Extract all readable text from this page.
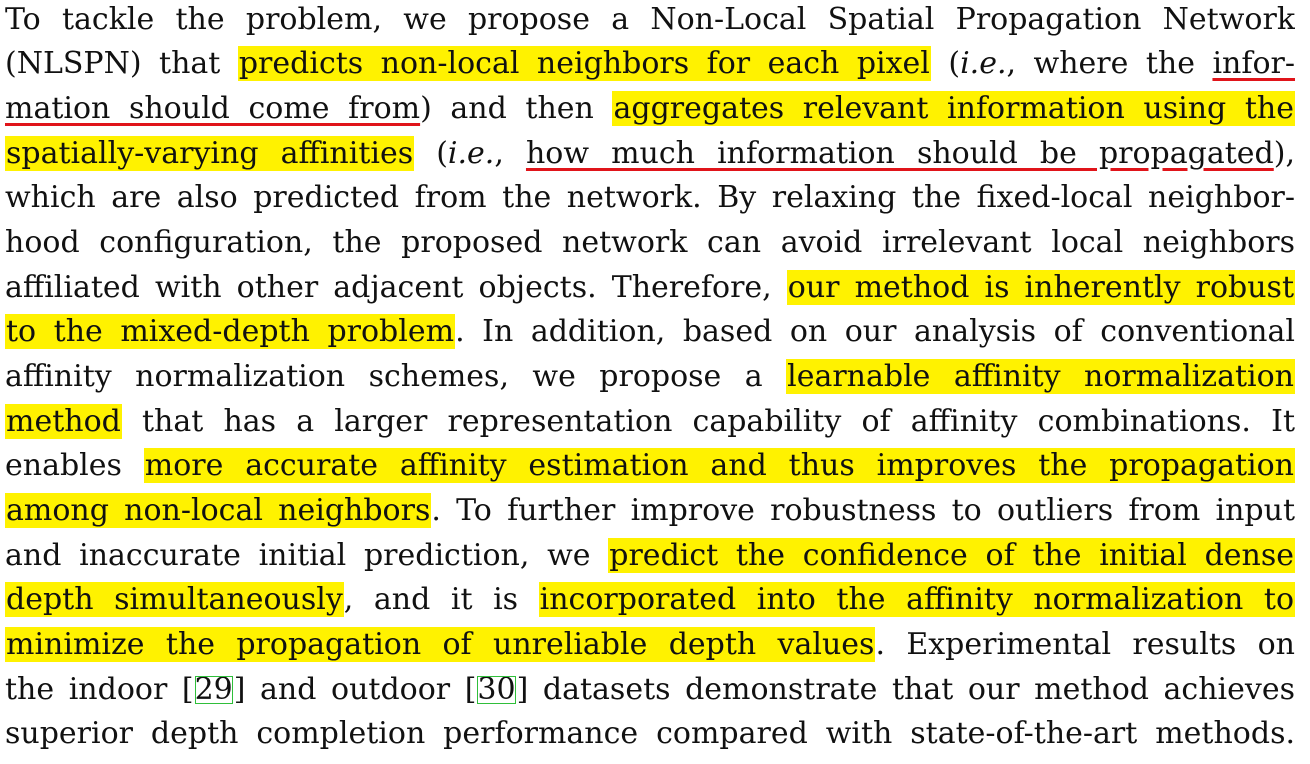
To tackle the problem, we propose a Non-Local Spatial Propagation Network
(NLSPN) that predicts non-local neighbors for each pixel (i.e., where the infor-
mation should come from) and then aggregates relevant information using the
spatially-varying affinities (i.e., how much information should be propagated),
which are also predicted from the network. By relaxing the fixed-local neighbor-
hood configuration, the proposed network can avoid irrelevant local neighbors
affiliated with other adjacent objects. Therefore, our method is inherently robust
to the mixed-depth problem. In addition, based on our analysis of conventional
affinity normalization schemes, we propose a learnable affinity normalization
method that has a larger representation capability of affinity combinations. It
enables more accurate affinity estimation and thus improves the propagation
among non-local neighbors. To further improve robustness to outliers from input
and inaccurate initial prediction, we predict the confidence of the initial dense
depth simultaneously, and it is incorporated into the affinity normalization to
minimize the propagation of unreliable depth values. Experimental results on
the indoor [29] and outdoor [30] datasets demonstrate that our method achieves
superior depth completion performance compared with state-of-the-art methods.
